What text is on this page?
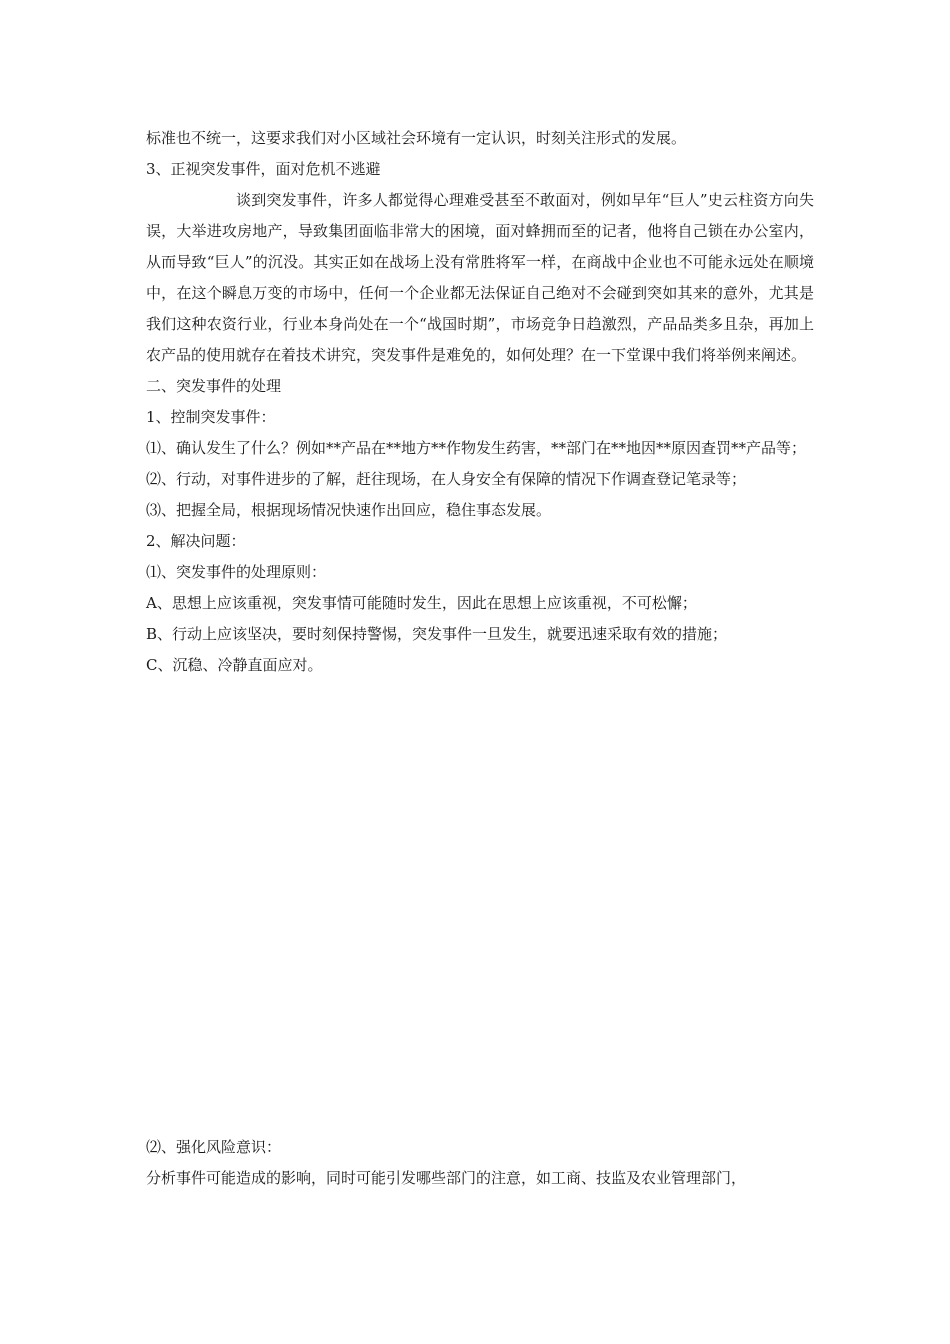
标准也不统一，这要求我们对小区域社会环境有一定认识，时刻关注形式的发展。

3、正视突发事件，面对危机不逃避

谈到突发事件，许多人都觉得心理难受甚至不敢面对，例如早年“巨人”史云柱资方向失误，大举进攻房地产，导致集团面临非常大的困境，面对蜂拥而至的记者，他将自己锁在办公室内，从而导致“巨人”的沉没。其实正如在战场上没有常胜将军一样，在商战中企业也不可能永远处在顺境中，在这个瞬息万变的市场中，任何一个企业都无法保证自己绝对不会碰到突如其来的意外，尤其是我们这种农资行业，行业本身尚处在一个“战国时期”，市场竞争日趋激烈，产品品类多且杂，再加上农产品的使用就存在着技术讲究，突发事件是难免的，如何处理？在一下堂课中我们将举例来阐述。

二、突发事件的处理

1、控制突发事件：

⑴、确认发生了什么？例如**产品在**地方**作物发生药害，**部门在**地因**原因查罚**产品等；

⑵、行动，对事件进步的了解，赶往现场，在人身安全有保障的情况下作调查登记笔录等；

⑶、把握全局，根据现场情况快速作出回应，稳住事态发展。

2、解决问题：

⑴、突发事件的处理原则：

A、思想上应该重视，突发事情可能随时发生，因此在思想上应该重视，不可松懈；

B、行动上应该坚决，要时刻保持警惕，突发事件一旦发生，就要迅速采取有效的措施；

C、沉稳、冷静直面应对。

⑵、强化风险意识：

分析事件可能造成的影响，同时可能引发哪些部门的注意，如工商、技监及农业管理部门，
